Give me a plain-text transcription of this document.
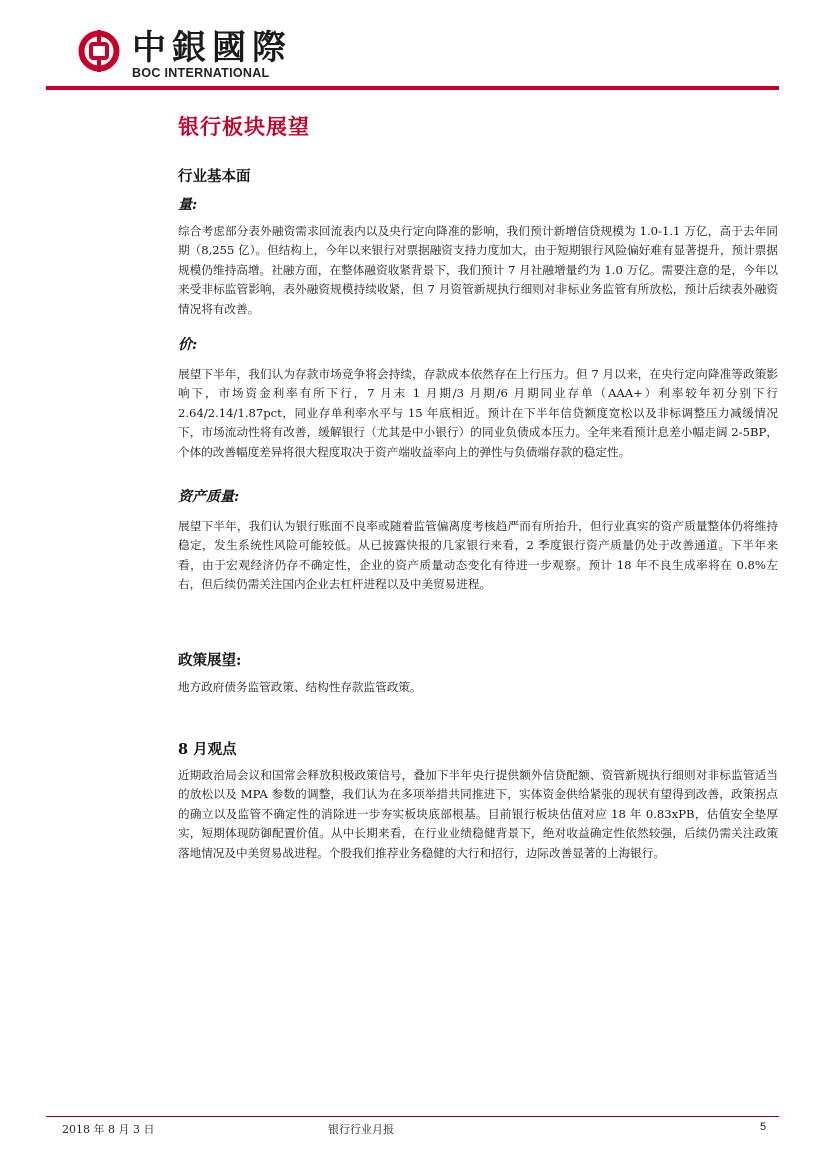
中銀國際
BOC INTERNATIONAL
银行板块展望
行业基本面
量:

综合考虑部分表外融资需求回流表内以及央行定向降准的影响，我们预计新增信贷规模为 1.0-1.1 万亿，高于去年同期（8,255 亿）。但结构上，今年以来银行对票据融资支持力度加大，由于短期银行风险偏好难有显著提升，预计票据规模仍维持高增。社融方面，在整体融资收紧背景下，我们预计 7 月社融增量约为 1.0 万亿。需要注意的是，今年以来受非标监管影响，表外融资规模持续收紧，但 7 月资管新规执行细则对非标业务监管有所放松，预计后续表外融资情况将有改善。

价:

展望下半年，我们认为存款市场竞争将会持续，存款成本依然存在上行压力。但 7 月以来，在央行定向降准等政策影响下，市场资金利率有所下行，7 月末 1 月期/3 月期/6 月期同业存单（AAA+）利率较年初分别下行 2.64/2.14/1.87pct，同业存单利率水平与 15 年底相近。预计在下半年信贷额度宽松以及非标调整压力减缓情况下，市场流动性将有改善，缓解银行（尤其是中小银行）的同业负债成本压力。全年来看预计息差小幅走阔 2-5BP，个体的改善幅度差异将很大程度取决于资产端收益率向上的弹性与负债端存款的稳定性。

资产质量:

展望下半年，我们认为银行账面不良率或随着监管偏离度考核趋严而有所抬升，但行业真实的资产质量整体仍将维持稳定，发生系统性风险可能较低。从已披露快报的几家银行来看，2 季度银行资产质量仍处于改善通道。下半年来看，由于宏观经济仍存不确定性，企业的资产质量动态变化有待进一步观察。预计 18 年不良生成率将在 0.8%左右，但后续仍需关注国内企业去杠杆进程以及中美贸易进程。

政策展望:

地方政府债务监管政策、结构性存款监管政策。

8 月观点

近期政治局会议和国常会释放积极政策信号，叠加下半年央行提供额外信贷配额、资管新规执行细则对非标监管适当的放松以及 MPA 参数的调整，我们认为在多项举措共同推进下，实体资金供给紧张的现状有望得到改善，政策拐点的确立以及监管不确定性的消除进一步夯实板块底部根基。目前银行板块估值对应 18 年 0.83xPB，估值安全垫厚实，短期体现防御配置价值。从中长期来看，在行业业绩稳健背景下，绝对收益确定性依然较强，后续仍需关注政策落地情况及中美贸易战进程。个股我们推荐业务稳健的大行和招行，边际改善显著的上海银行。

2018 年 8 月 3 日	银行行业月报	5
